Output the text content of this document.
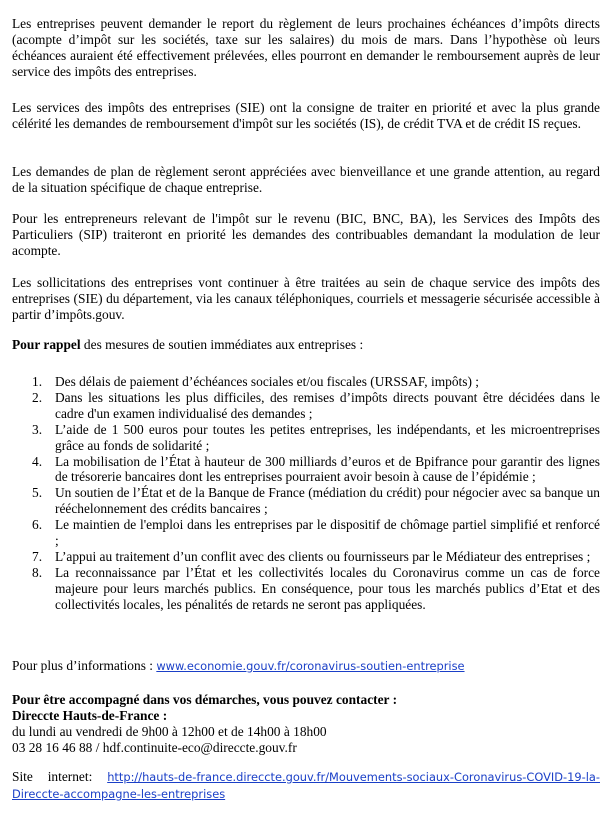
Les entreprises peuvent demander le report du règlement de leurs prochaines échéances d’impôts directs (acompte d’impôt sur les sociétés, taxe sur les salaires) du mois de mars. Dans l’hypothèse où leurs échéances auraient été effectivement prélevées, elles pourront en demander le remboursement auprès de leur service des impôts des entreprises.

Les services des impôts des entreprises (SIE) ont la consigne de traiter en priorité et avec la plus grande célérité les demandes de remboursement d'impôt sur les sociétés (IS), de crédit TVA et de crédit IS reçues.

Les demandes de plan de règlement seront appréciées avec bienveillance et une grande attention, au regard de la situation spécifique de chaque entreprise.

Pour les entrepreneurs relevant de l'impôt sur le revenu (BIC, BNC, BA), les Services des Impôts des Particuliers (SIP) traiteront en priorité les demandes des contribuables demandant la modulation de leur acompte.

Les sollicitations des entreprises vont continuer à être traitées au sein de chaque service des impôts des entreprises (SIE) du département, via les canaux téléphoniques, courriels et messagerie sécurisée accessible à partir d’impôts.gouv.

Pour rappel des mesures de soutien immédiates aux entreprises :

1. Des délais de paiement d’échéances sociales et/ou fiscales (URSSAF, impôts) ;
2. Dans les situations les plus difficiles, des remises d’impôts directs pouvant être décidées dans le cadre d'un examen individualisé des demandes ;
3. L’aide de 1 500 euros pour toutes les petites entreprises, les indépendants, et les microentreprises grâce au fonds de solidarité ;
4. La mobilisation de l’État à hauteur de 300 milliards d’euros et de Bpifrance pour garantir des lignes de trésorerie bancaires dont les entreprises pourraient avoir besoin à cause de l’épidémie ;
5. Un soutien de l’État et de la Banque de France (médiation du crédit) pour négocier avec sa banque un rééchelonnement des crédits bancaires ;
6. Le maintien de l'emploi dans les entreprises par le dispositif de chômage partiel simplifié et renforcé ;
7. L’appui au traitement d’un conflit avec des clients ou fournisseurs par le Médiateur des entreprises ;
8. La reconnaissance par l’État et les collectivités locales du Coronavirus comme un cas de force majeure pour leurs marchés publics. En conséquence, pour tous les marchés publics d’Etat et des collectivités locales, les pénalités de retards ne seront pas appliquées.

Pour plus d’informations : www.economie.gouv.fr/coronavirus-soutien-entreprise

Pour être accompagné dans vos démarches, vous pouvez contacter :

Direccte Hauts-de-France :

du lundi au vendredi de 9h00 à 12h00 et de 14h00 à 18h00

03 28 16 46 88 / hdf.continuite-eco@direccte.gouv.fr

Site internet: http://hauts-de-france.direccte.gouv.fr/Mouvements-sociaux-Coronavirus-COVID-19-la-Direccte-accompagne-les-entreprises
